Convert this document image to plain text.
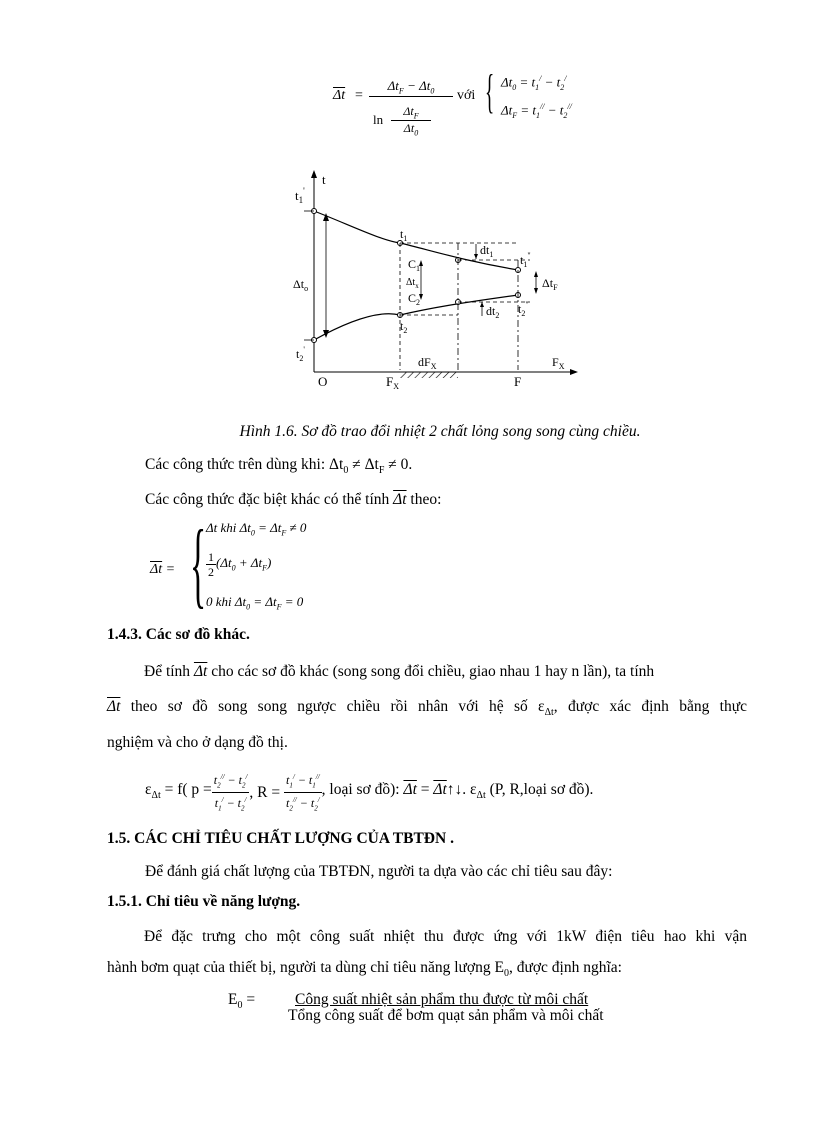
$\overline{\Delta t}$ =
$\Delta t_F - \Delta t_0$
ln
$\Delta t_F$
$\Delta t_0$
với { $\Delta t_0 = t_1^/ - t_2^/$
$\Delta t_F = t_1^{//} - t_2^{//}$
t
$t_1'$
$t_1$
$dt_1$ $t_1^"$
$C_1$
$\Delta t_x$	$\Delta t_F$
$\Delta t_o$
$C_2$
$dt_2$ $t_2^"$
$t_2$
$t_2'$
$dF_X$	$F_X$
O	$F_X$	F
Hình 1.6. Sơ đồ trao đổi nhiệt 2 chất lỏng song song cùng chiều.
Các công thức trên dùng khi: $\Delta t_0 \ne \Delta t_F \ne 0$.
Các công thức đặc biệt khác có thể tính $\overline{\Delta t}$ theo:
$\overline{\Delta t}$ = { Δt khi $\Delta t_0 = \Delta t_F \ne 0$
$\frac{1}{2} (\Delta t_0 + \Delta t_F)$
0 khi $\Delta t_0 = \Delta t_F = 0$
1.4.3. Các sơ đồ khác.
Để tính $\overline{\Delta t}$ cho các sơ đồ khác (song song đổi chiều, giao nhau 1 hay n lần), ta tính
$\overline{\Delta t}$ theo sơ đồ song song ngược chiều rồi nhân với hệ số $\varepsilon_{\Delta t}$, được xác định bằng thực
nghiệm và cho ở dạng đồ thị.
$\varepsilon_{\Delta t} = f$( $p = \frac{t_2^{//} - t_2^/}{t_1^/ - t_2^/}$ , $R = \frac{t_1^/ - t_1^{//}}{t_2^{//} - t_2^/}$ , loại sơ đồ): $\overline{\Delta t}$ = $\overline{\Delta t}↑↓$. $\varepsilon_{\Delta t}$ (P, R,loại sơ đồ).
1.5. CÁC CHỈ TIÊU CHẤT LƯỢNG CỦA TBTĐN .
Để đánh giá chất lượng của TBTĐN, người ta dựa vào các chỉ tiêu sau đây:
1.5.1. Chỉ tiêu về năng lượng.
Để đặc trưng cho một công suất nhiệt thu được ứng với 1kW điện tiêu hao khi vận
hành bơm quạt của thiết bị, người ta dùng chỉ tiêu năng lượng $E_0$, được định nghĩa:
$E_0$ =	Công suất nhiệt sản phẩm thu được từ môi chất
Tổng công suất để bơm quạt sản phẩm và môi chất
